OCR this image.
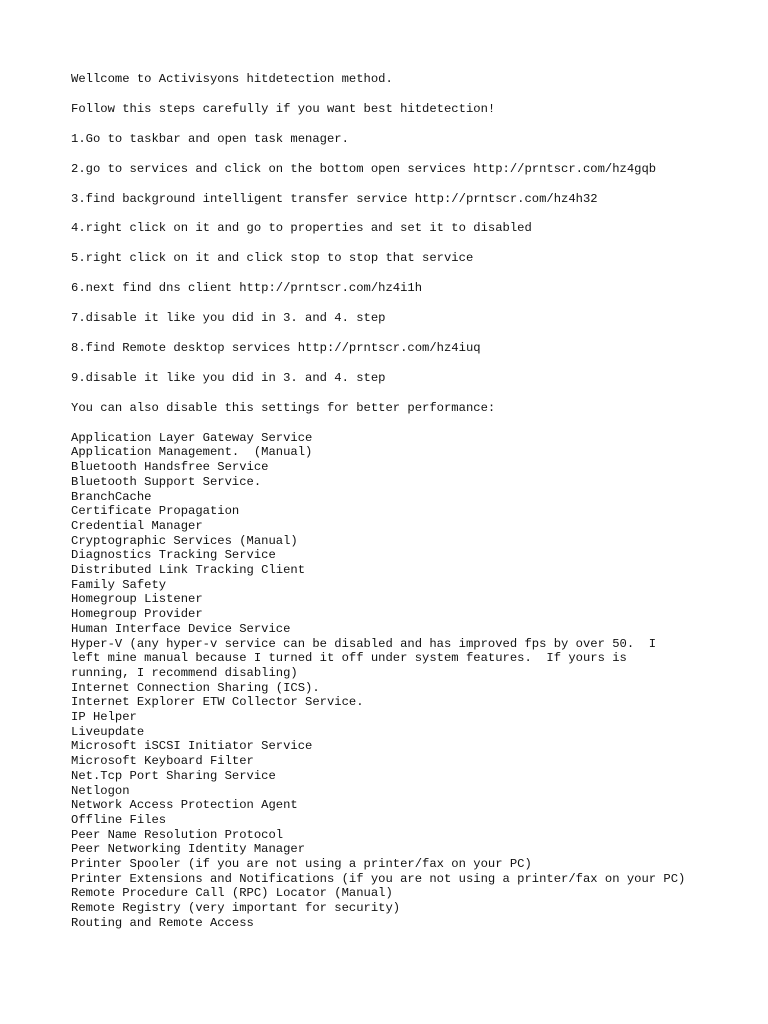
Wellcome to Activisyons hitdetection method.

Follow this steps carefully if you want best hitdetection!

1.Go to taskbar and open task menager.

2.go to services and click on the bottom open services http://prntscr.com/hz4gqb

3.find background intelligent transfer service http://prntscr.com/hz4h32

4.right click on it and go to properties and set it to disabled

5.right click on it and click stop to stop that service

6.next find dns client http://prntscr.com/hz4i1h

7.disable it like you did in 3. and 4. step

8.find Remote desktop services http://prntscr.com/hz4iuq

9.disable it like you did in 3. and 4. step

You can also disable this settings for better performance:

Application Layer Gateway Service
Application Management.  (Manual)
Bluetooth Handsfree Service
Bluetooth Support Service.
BranchCache
Certificate Propagation
Credential Manager
Cryptographic Services (Manual)
Diagnostics Tracking Service
Distributed Link Tracking Client
Family Safety
Homegroup Listener
Homegroup Provider
Human Interface Device Service
Hyper-V (any hyper-v service can be disabled and has improved fps by over 50.  I left mine manual because I turned it off under system features.  If yours is running, I recommend disabling)
Internet Connection Sharing (ICS).
Internet Explorer ETW Collector Service.
IP Helper
Liveupdate
Microsoft iSCSI Initiator Service
Microsoft Keyboard Filter
Net.Tcp Port Sharing Service
Netlogon
Network Access Protection Agent
Offline Files
Peer Name Resolution Protocol
Peer Networking Identity Manager
Printer Spooler (if you are not using a printer/fax on your PC)
Printer Extensions and Notifications (if you are not using a printer/fax on your PC)
Remote Procedure Call (RPC) Locator (Manual)
Remote Registry (very important for security)
Routing and Remote Access
